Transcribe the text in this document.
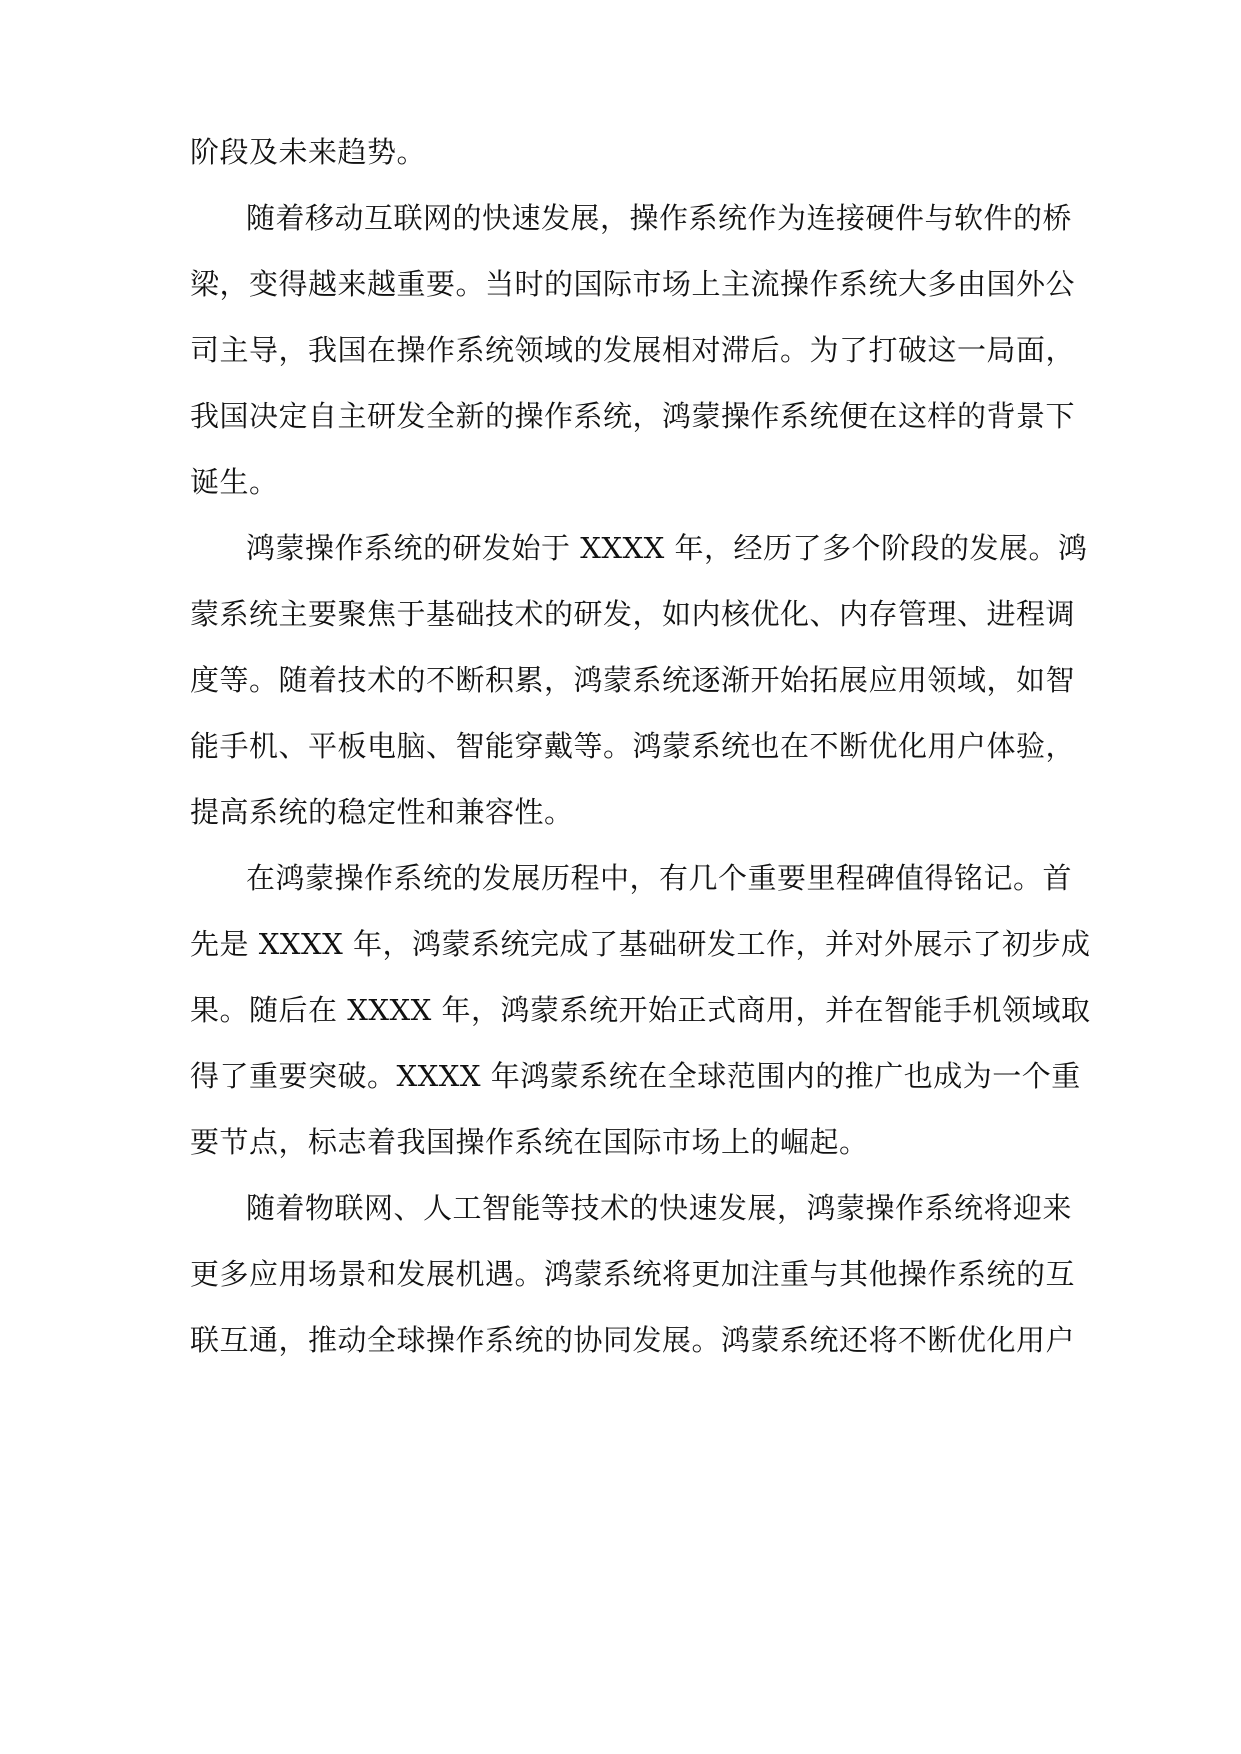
阶段及未来趋势。
随着移动互联网的快速发展，操作系统作为连接硬件与软件的桥
梁，变得越来越重要。当时的国际市场上主流操作系统大多由国外公
司主导，我国在操作系统领域的发展相对滞后。为了打破这一局面，
我国决定自主研发全新的操作系统，鸿蒙操作系统便在这样的背景下
诞生。
鸿蒙操作系统的研发始于 XXXX 年，经历了多个阶段的发展。鸿
蒙系统主要聚焦于基础技术的研发，如内核优化、内存管理、进程调
度等。随着技术的不断积累，鸿蒙系统逐渐开始拓展应用领域，如智
能手机、平板电脑、智能穿戴等。鸿蒙系统也在不断优化用户体验，
提高系统的稳定性和兼容性。
在鸿蒙操作系统的发展历程中，有几个重要里程碑值得铭记。首
先是 XXXX 年，鸿蒙系统完成了基础研发工作，并对外展示了初步成
果。随后在 XXXX 年，鸿蒙系统开始正式商用，并在智能手机领域取
得了重要突破。XXXX 年鸿蒙系统在全球范围内的推广也成为一个重
要节点，标志着我国操作系统在国际市场上的崛起。
随着物联网、人工智能等技术的快速发展，鸿蒙操作系统将迎来
更多应用场景和发展机遇。鸿蒙系统将更加注重与其他操作系统的互
联互通，推动全球操作系统的协同发展。鸿蒙系统还将不断优化用户
